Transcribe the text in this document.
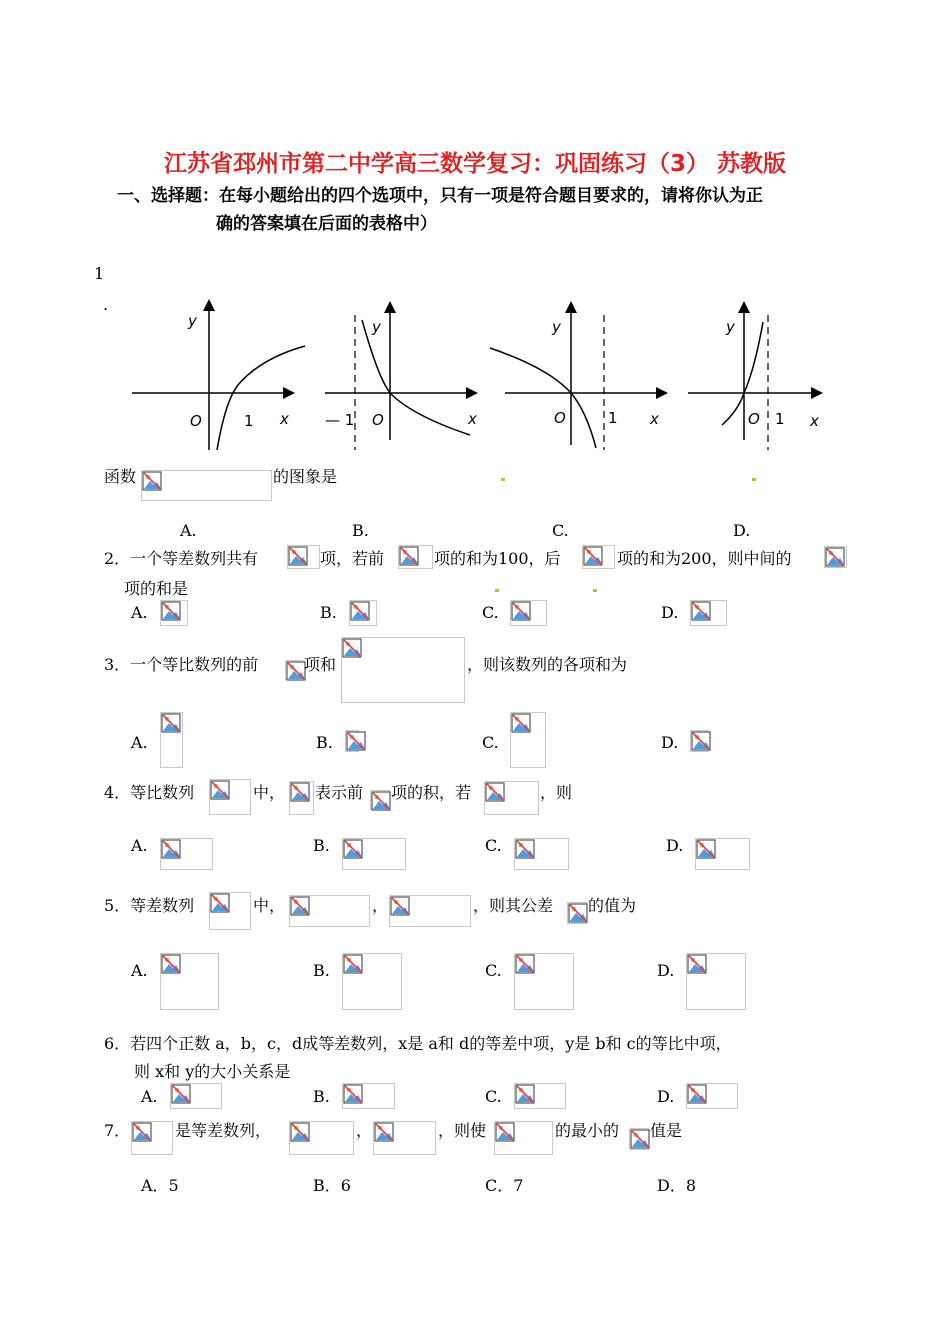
江苏省邳州市第二中学高三数学复习：巩固练习（3） 苏教版
一、选择题：在每小题给出的四个选项中，只有一项是符合题目要求的，请将你认为正
确的答案填在后面的表格中）
1
.
y
O	1 x
y
— 1 O	x
y
O	1 x
y
O 1 x
函数	的图象是
A.	B.	C.	D.
2．一个等差数列共有	项，若前	项的和为100，后	项的和为200，则中间的
项的和是
A.	B.	C.	D.
3．一个等比数列的前	项和	，则该数列的各项和为
A.	B.	C.	D.
4．等比数列	中， 表示前 项的积，若	，则
A.	B.	C.	D.
5．等差数列	中，	，	，则其公差 的值为
A.	B.	C.	D.
6．若四个正数 a，b，c，d成等差数列，x是 a和 d的等差中项，y是 b和 c的等比中项，
则 x和 y的大小关系是
A.	B.	C.	D.
7．	是等差数列，	，	，则使	的最小的 值是
A．5	B．6	C．7	D．8
